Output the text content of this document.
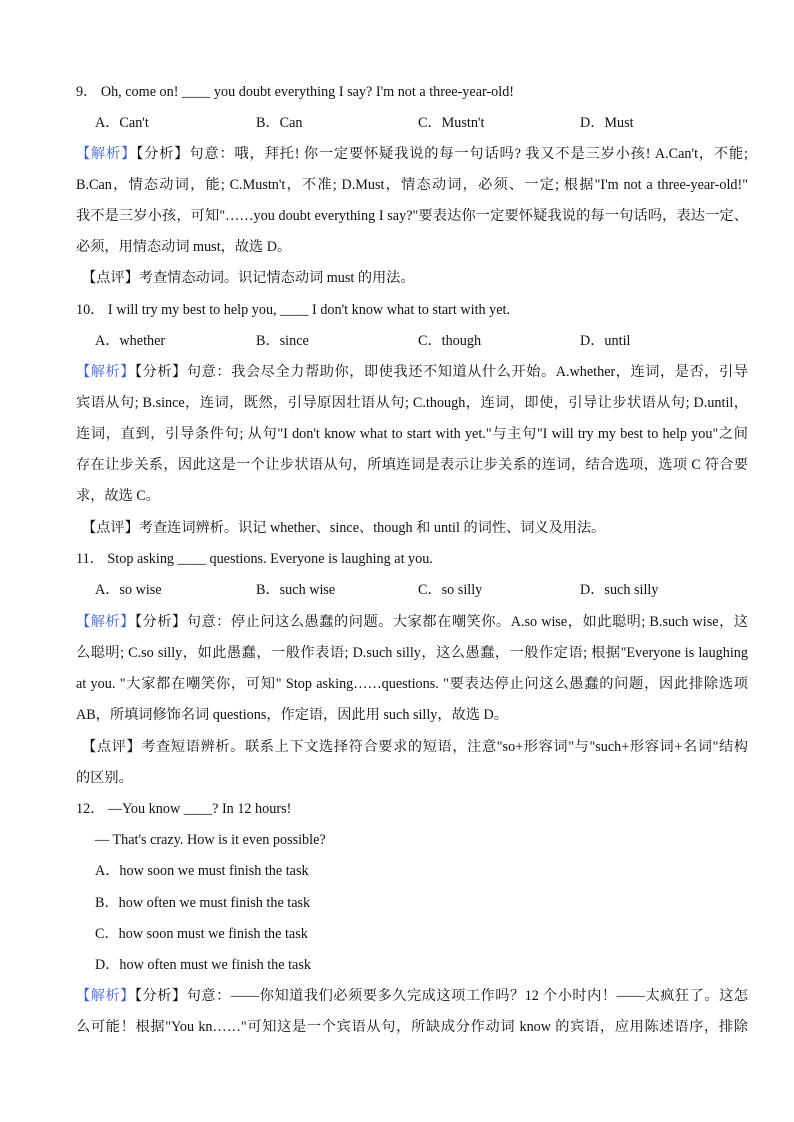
9． Oh, come on! ____ you doubt everything I say? I'm not a three-year-old!
A．Can't	B．Can	C．Mustn't	D．Must
【解析】【分析】句意：哦，拜托! 你一定要怀疑我说的每一句话吗? 我又不是三岁小孩! A.Can't，不能;
B.Can，情态动词，能; C.Mustn't，不准; D.Must，情态动词，必须、一定; 根据"I'm not a three-year-old!"
我不是三岁小孩，可知"……you doubt everything I say?"要表达你一定要怀疑我说的每一句话吗，表达一定、
必须，用情态动词 must，故选 D。
【点评】考查情态动词。识记情态动词 must 的用法。
10． I will try my best to help you, ____ I don't know what to start with yet.
A．whether	B．since	C．though	D．until
【解析】【分析】句意：我会尽全力帮助你，即使我还不知道从什么开始。A.whether，连词，是否，引导
宾语从句; B.since，连词，既然，引导原因壮语从句; C.though，连词，即使，引导让步状语从句; D.until，
连词，直到，引导条件句; 从句"I don't know what to start with yet."与主句"I will try my best to help you"之间
存在让步关系，因此这是一个让步状语从句，所填连词是表示让步关系的连词，结合选项，选项 C 符合要
求，故选 C。
【点评】考查连词辨析。识记 whether、since、though 和 until 的词性、词义及用法。
11． Stop asking ____ questions. Everyone is laughing at you.
A．so wise	B．such wise	C．so silly	D．such silly
【解析】【分析】句意：停止问这么愚蠢的问题。大家都在嘲笑你。A.so wise，如此聪明; B.such wise，这
么聪明; C.so silly，如此愚蠢，一般作表语; D.such silly，这么愚蠢，一般作定语; 根据"Everyone is laughing
at you. "大家都在嘲笑你，可知" Stop asking……questions. "要表达停止问这么愚蠢的问题，因此排除选项
AB，所填词修饰名词 questions，作定语，因此用 such silly，故选 D。
【点评】考查短语辨析。联系上下文选择符合要求的短语，注意"so+形容词"与"such+形容词+名词"结构
的区别。
12． —You know ____? In 12 hours!
— That's crazy. How is it even possible?
A．how soon we must finish the task
B．how often we must finish the task
C．how soon must we finish the task
D．how often must we finish the task
【解析】【分析】句意：——你知道我们必须要多久完成这项工作吗？12 个小时内！——太疯狂了。这怎
么可能！根据"You kn……"可知这是一个宾语从句，所缺成分作动词 know 的宾语，应用陈述语序，排除
